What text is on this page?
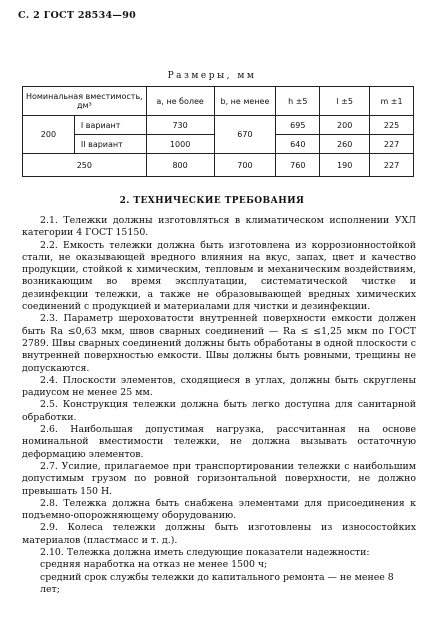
С. 2 ГОСТ 28534—90
Размеры, мм
Номинальная вместимость, дм³		a, не более	b, не менее	h ±5	l ±5	m ±1
200	I вариант	730	670	695	200	225
	II вариант	1000		640	260	227
250		800	700	760	190	227
2. ТЕХНИЧЕСКИЕ ТРЕБОВАНИЯ

2.1. Тележки должны изготовляться в климатическом исполнении УХЛ категории 4 ГОСТ 15150.

2.2. Емкость тележки должна быть изготовлена из коррозионностойкой стали, не оказывающей вредного влияния на вкус, запах, цвет и качество продукции, стойкой к химическим, тепловым и механическим воздействиям, возникающим во время эксплуатации, систематической чистке и дезинфекции тележки, а также не образовывающей вредных химических соединений с продукцией и материалами для чистки и дезинфекции.

2.3. Параметр шероховатости внутренней поверхности емкости должен быть Ra ≤0,63 мкм, швов сварных соединений — Ra ≤ ≤1,25 мкм по ГОСТ 2789. Швы сварных соединений должны быть обработаны в одной плоскости с внутренней поверхностью емкости. Швы должны быть ровными, трещины не допускаются.

2.4. Плоскости элементов, сходящиеся в углах, должны быть скруглены радиусом не менее 25 мм.

2.5. Конструкция тележки должна быть легко доступна для санитарной обработки.

2.6. Наибольшая допустимая нагрузка, рассчитанная на основе номинальной вместимости тележки, не должна вызывать остаточную деформацию элементов.

2.7. Усилие, прилагаемое при транспортировании тележки с наибольшим допустимым грузом по ровной горизонтальной поверхности, не должно превышать 150 Н.

2.8. Тележка должна быть снабжена элементами для присоединения к подъемно-опорожняющему оборудованию.

2.9. Колеса тележки должны быть изготовлены из износостойких материалов (пластмасс и т. д.).

2.10. Тележка должна иметь следующие показатели надежности:

средняя наработка на отказ не менее 1500 ч;

средний срок службы тележки до капитального ремонта — не менее 8 лет;
